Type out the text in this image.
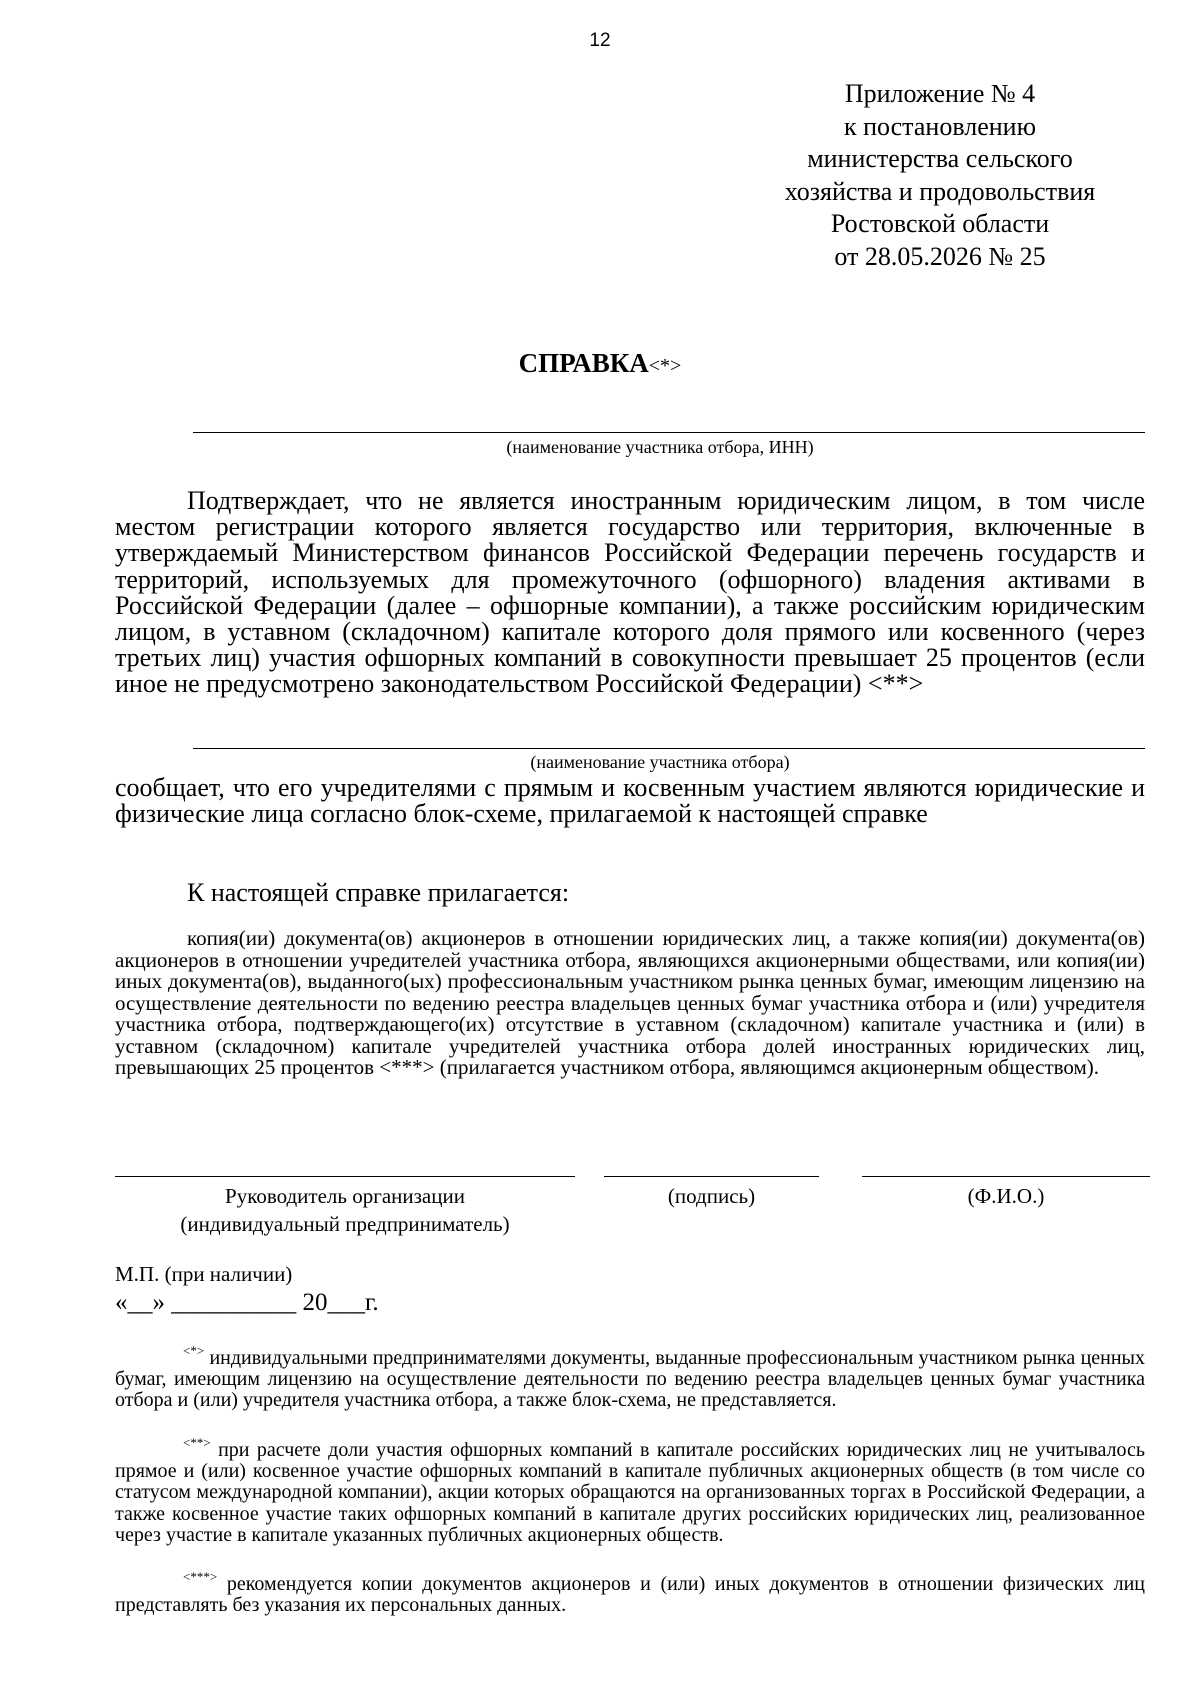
12
Приложение № 4
к постановлению
министерства сельского
хозяйства и продовольствия
Ростовской области
от 28.05.2026 № 25
СПРАВКА<*>
(наименование участника отбора, ИНН)
Подтверждает, что не является иностранным юридическим лицом, в том числе местом регистрации которого является государство или территория, включенные в утверждаемый Министерством финансов Российской Федерации перечень государств и территорий, используемых для промежуточного (офшорного) владения активами в Российской Федерации (далее – офшорные компании), а также российским юридическим лицом, в уставном (складочном) капитале которого доля прямого или косвенного (через третьих лиц) участия офшорных компаний в совокупности превышает 25 процентов (если иное не предусмотрено законодательством Российской Федерации) <**>
(наименование участника отбора)
сообщает, что его учредителями с прямым и косвенным участием являются юридические и физические лица согласно блок-схеме, прилагаемой к настоящей справке
К настоящей справке прилагается:
копия(ии) документа(ов) акционеров в отношении юридических лиц, а также копия(ии) документа(ов) акционеров в отношении учредителей участника отбора, являющихся акционерными обществами, или копия(ии) иных документа(ов), выданного(ых) профессиональным участником рынка ценных бумаг, имеющим лицензию на осуществление деятельности по ведению реестра владельцев ценных бумаг участника отбора и (или) учредителя участника отбора, подтверждающего(их) отсутствие в уставном (складочном) капитале участника и (или) в уставном (складочном) капитале учредителей участника отбора долей иностранных юридических лиц, превышающих 25 процентов <***> (прилагается участником отбора, являющимся акционерным обществом).
Руководитель организации
(индивидуальный предприниматель)
(подпись)	(Ф.И.О.)
М.П. (при наличии)
«__» __________ 20___г.
<*> индивидуальными предпринимателями документы, выданные профессиональным участником рынка ценных бумаг, имеющим лицензию на осуществление деятельности по ведению реестра владельцев ценных бумаг участника отбора и (или) учредителя участника отбора, а также блок-схема, не представляется.
<**> при расчете доли участия офшорных компаний в капитале российских юридических лиц не учитывалось прямое и (или) косвенное участие офшорных компаний в капитале публичных акционерных обществ (в том числе со статусом международной компании), акции которых обращаются на организованных торгах в Российской Федерации, а также косвенное участие таких офшорных компаний в капитале других российских юридических лиц, реализованное через участие в капитале указанных публичных акционерных обществ.
<***> рекомендуется копии документов акционеров и (или) иных документов в отношении физических лиц представлять без указания их персональных данных.
